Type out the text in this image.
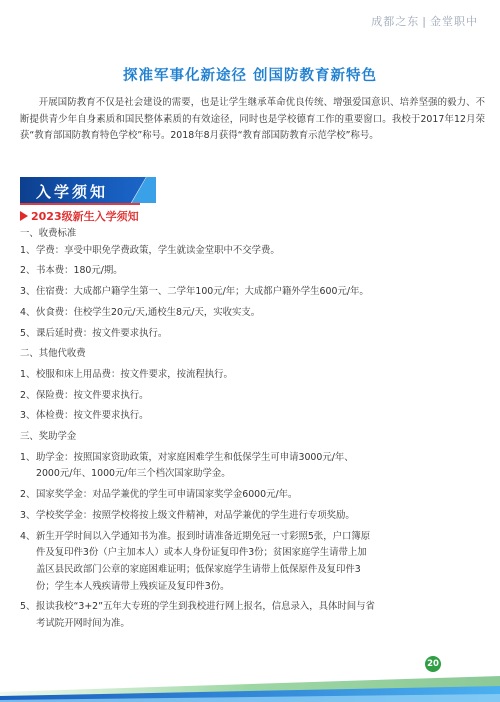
成都之东 | 金堂职中
探准军事化新途径 创国防教育新特色
开展国防教育不仅是社会建设的需要，也是让学生继承革命优良传统、增强爱国意识、培养坚强的毅力、不断提供青少年自身素质和国民整体素质的有效途径，同时也是学校德育工作的重要窗口。我校于2017年12月荣获“教育部国防教育特色学校”称号。2018年8月获得“教育部国防教育示范学校”称号。
入学须知
2023级新生入学须知
一、收费标准
1、 学费：享受中职免学费政策，学生就读金堂职中不交学费。
2、 书本费：180元/期。
3、 住宿费：大成都户籍学生第一、二学年100元/年；大成都户籍外学生600元/年。
4、 伙食费：住校学生20元/天,通校生8元/天，实收实支。
5、 课后延时费：按文件要求执行。
二、其他代收费
1、 校服和床上用品费：按文件要求，按流程执行。
2、 保险费：按文件要求执行。
3、 体检费：按文件要求执行。
三、奖助学金
1、 助学金：按照国家资助政策，对家庭困难学生和低保学生可申请3000元/年、
2000元/年、1000元/年三个档次国家助学金。
2、 国家奖学金：对品学兼优的学生可申请国家奖学金6000元/年。
3、 学校奖学金：按照学校将按上级文件精神，对品学兼优的学生进行专项奖励。
4、 新生开学时间以入学通知书为准。报到时请准备近期免冠一寸彩照5张，户口簿原
件及复印件3份（户主加本人）或本人身份证复印件3份；贫困家庭学生请带上加
盖区县民政部门公章的家庭困难证明；低保家庭学生请带上低保原件及复印件3
份；学生本人残疾请带上残疾证及复印件3份。
5、 报读我校“3+2”五年大专班的学生到我校进行网上报名，信息录入，具体时间与省
考试院开网时间为准。
20
